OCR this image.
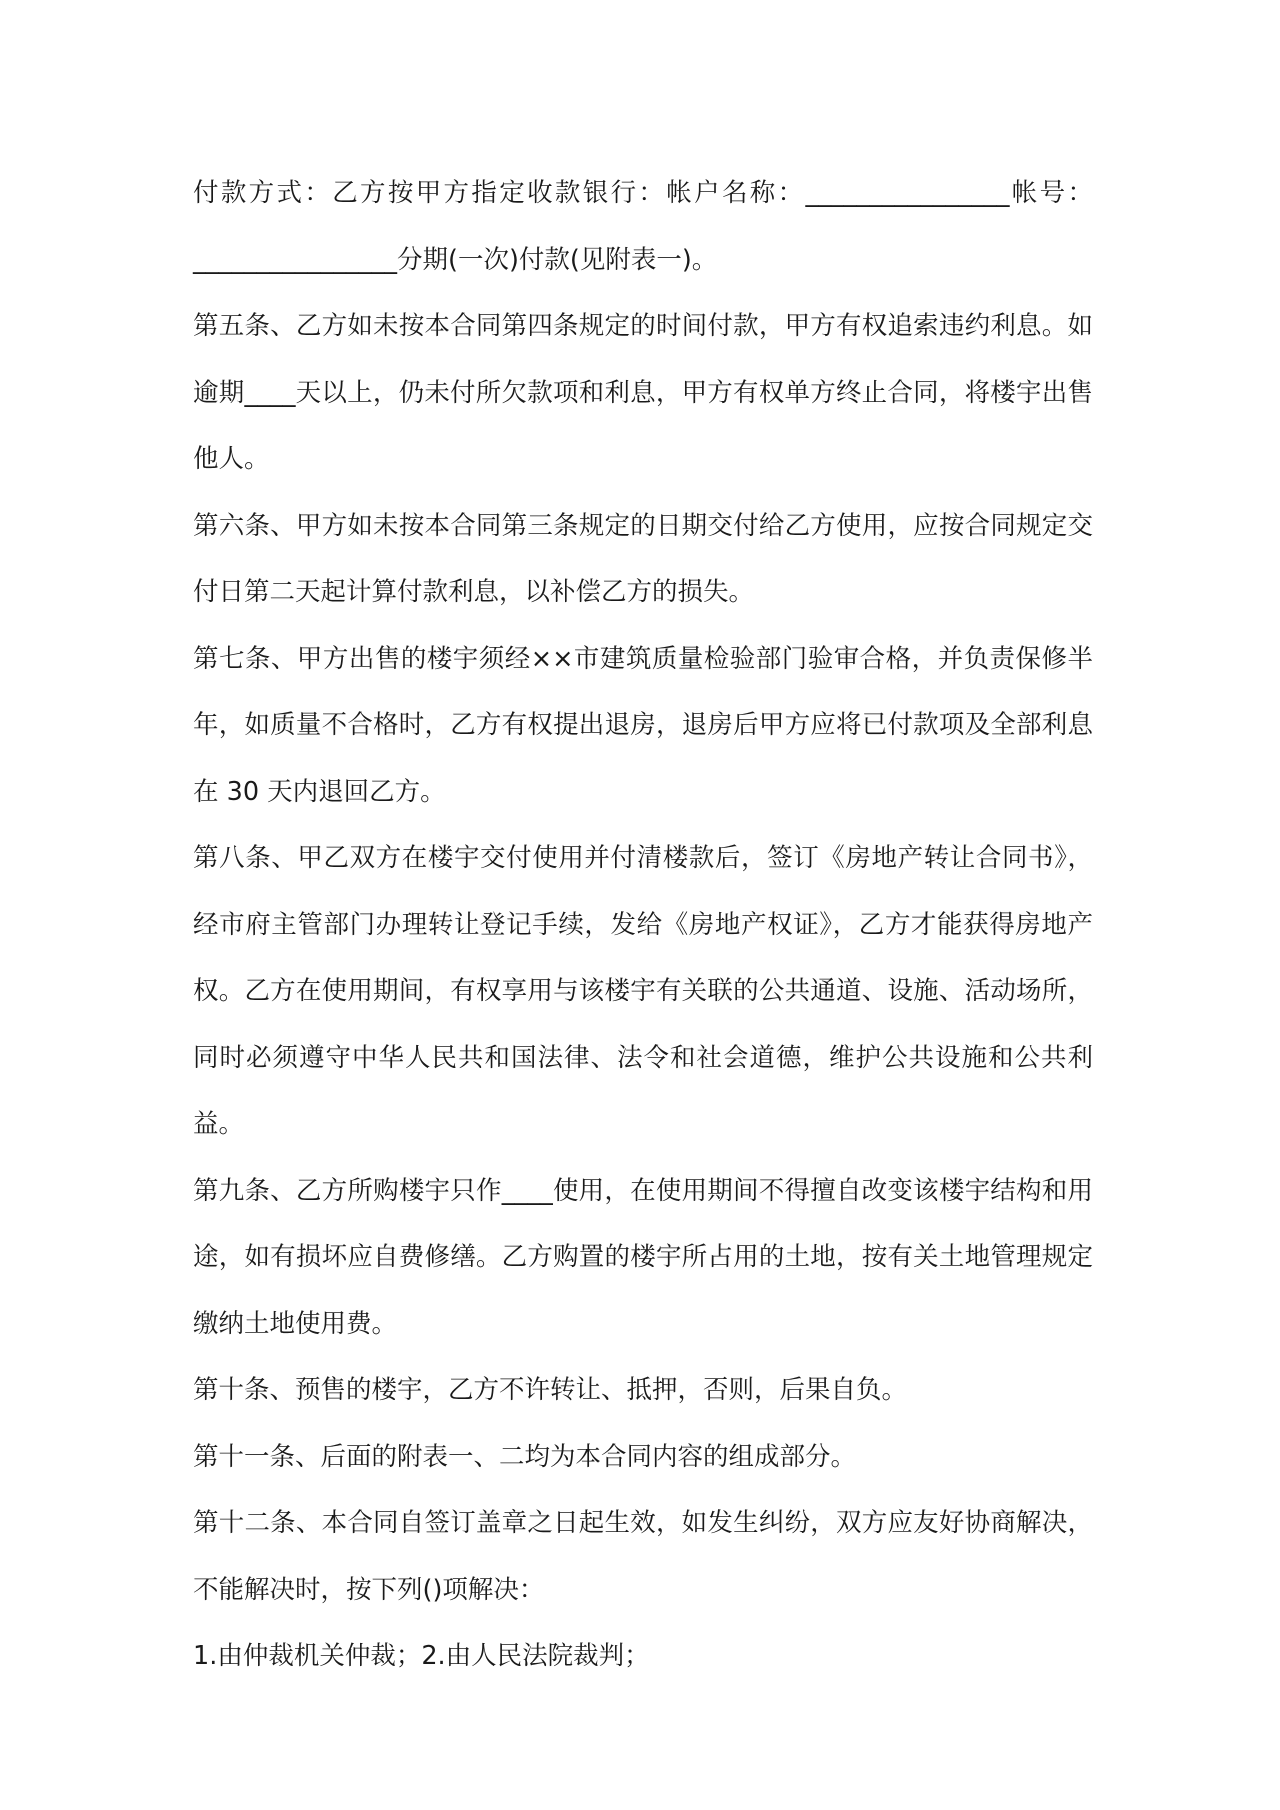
付款方式：乙方按甲方指定收款银行：帐户名称：________________帐号：________________分期(一次)付款(见附表一)。

第五条、乙方如未按本合同第四条规定的时间付款，甲方有权追索违约利息。如逾期____天以上，仍未付所欠款项和利息，甲方有权单方终止合同，将楼宇出售他人。

第六条、甲方如未按本合同第三条规定的日期交付给乙方使用，应按合同规定交付日第二天起计算付款利息，以补偿乙方的损失。

第七条、甲方出售的楼宇须经××市建筑质量检验部门验审合格，并负责保修半年，如质量不合格时，乙方有权提出退房，退房后甲方应将已付款项及全部利息在 30 天内退回乙方。

第八条、甲乙双方在楼宇交付使用并付清楼款后，签订《房地产转让合同书》，经市府主管部门办理转让登记手续，发给《房地产权证》，乙方才能获得房地产权。乙方在使用期间，有权享用与该楼宇有关联的公共通道、设施、活动场所，同时必须遵守中华人民共和国法律、法令和社会道德，维护公共设施和公共利益。

第九条、乙方所购楼宇只作____使用，在使用期间不得擅自改变该楼宇结构和用途，如有损坏应自费修缮。乙方购置的楼宇所占用的土地，按有关土地管理规定缴纳土地使用费。

第十条、预售的楼宇，乙方不许转让、抵押，否则，后果自负。

第十一条、后面的附表一、二均为本合同内容的组成部分。

第十二条、本合同自签订盖章之日起生效，如发生纠纷，双方应友好协商解决，不能解决时，按下列()项解决：

1.由仲裁机关仲裁；2.由人民法院裁判；
